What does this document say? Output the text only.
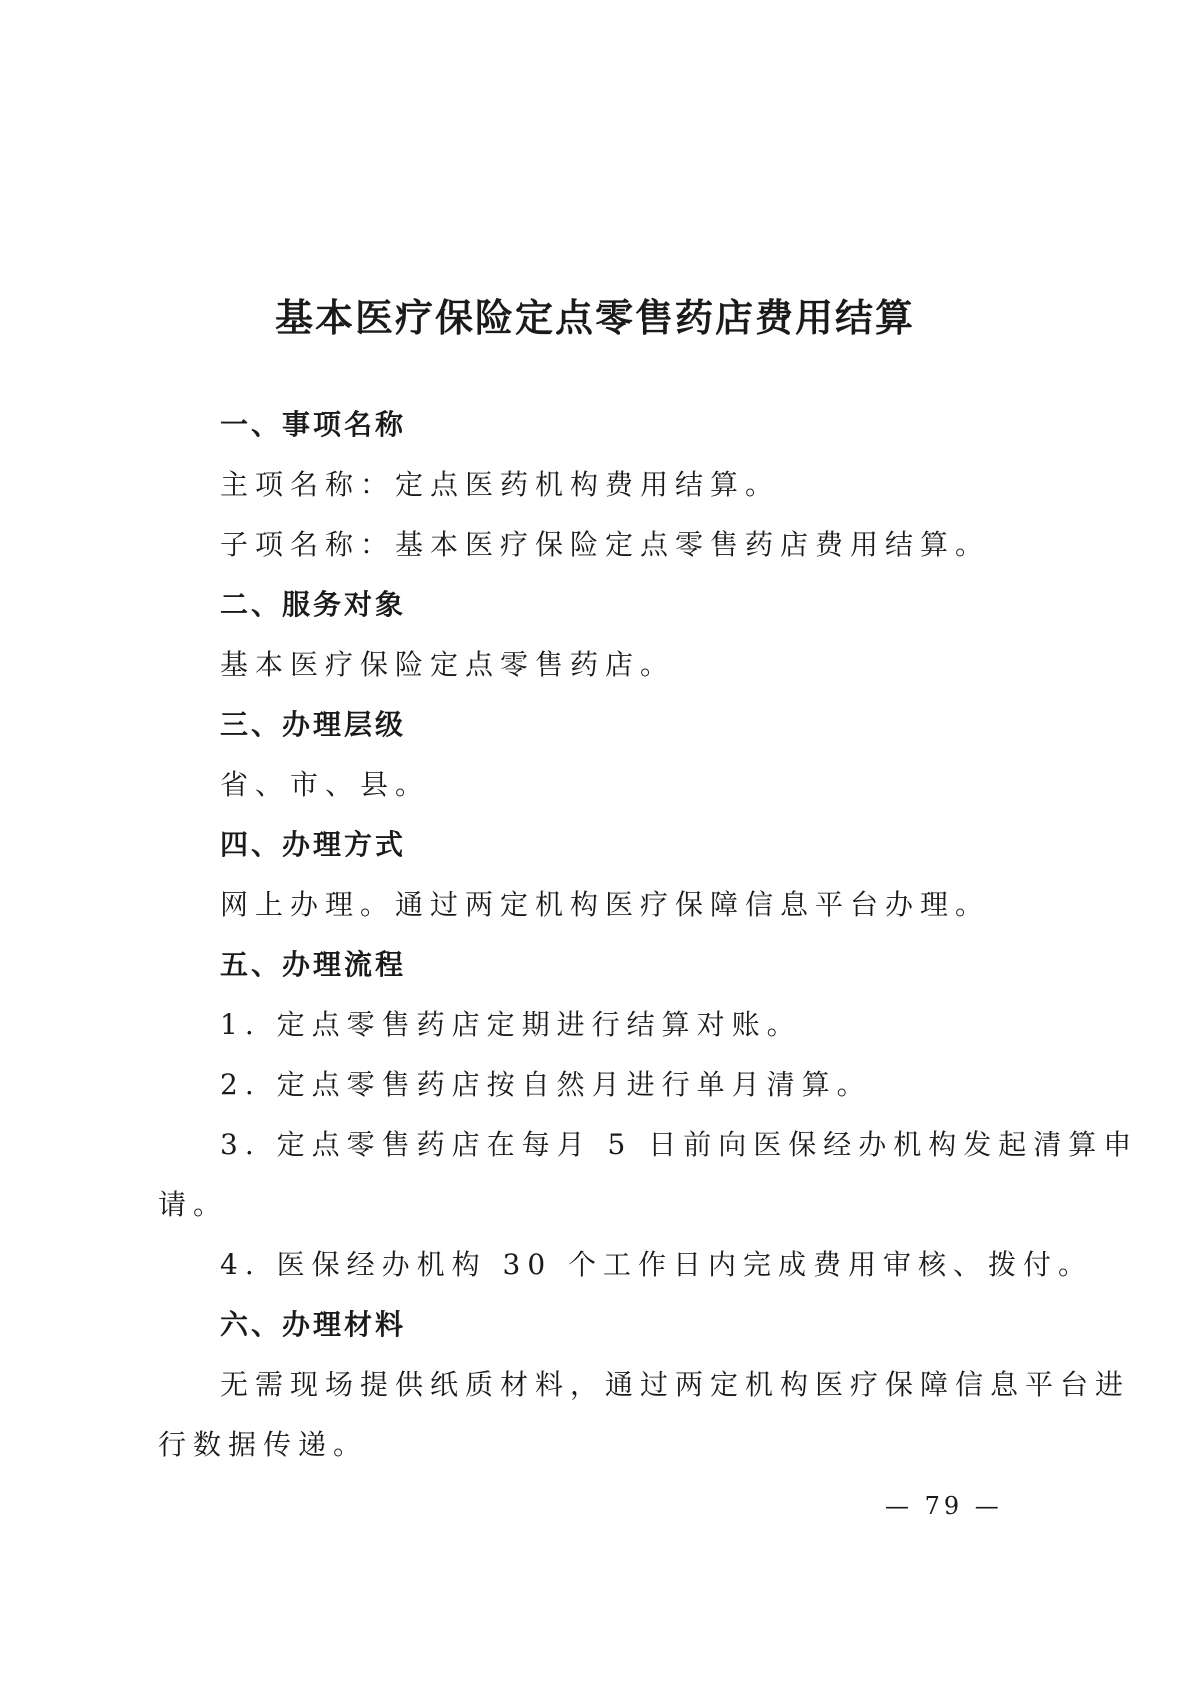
基本医疗保险定点零售药店费用结算
一、事项名称
主项名称：定点医药机构费用结算。
子项名称：基本医疗保险定点零售药店费用结算。
二、服务对象
基本医疗保险定点零售药店。
三、办理层级
省、市、县。
四、办理方式
网上办理。通过两定机构医疗保障信息平台办理。
五、办理流程
1. 定点零售药店定期进行结算对账。
2. 定点零售药店按自然月进行单月清算。
3. 定点零售药店在每月 5 日前向医保经办机构发起清算申
请。
4. 医保经办机构 30 个工作日内完成费用审核、拨付。
六、办理材料
无需现场提供纸质材料，通过两定机构医疗保障信息平台进
行数据传递。
— 79 —
